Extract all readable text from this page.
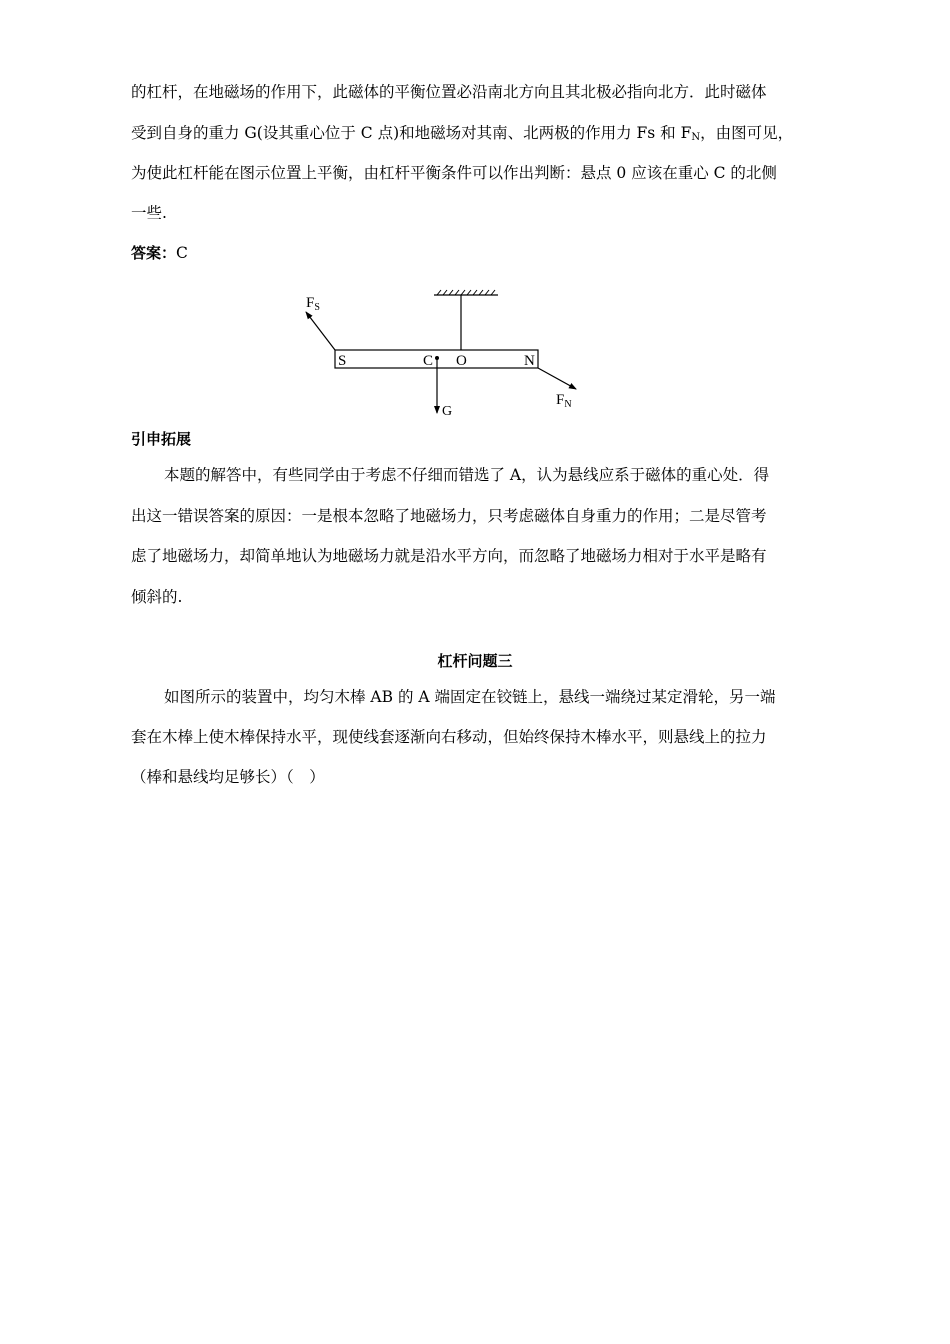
的杠杆，在地磁场的作用下，此磁体的平衡位置必沿南北方向且其北极必指向北方．此时磁体
受到自身的重力 G(设其重心位于 C 点)和地磁场对其南、北两极的作用力 Fs 和 $F_N$，由图可见，
为使此杠杆能在图示位置上平衡，由杠杆平衡条件可以作出判断：悬点 0 应该在重心 C 的北侧
一些.
答案：C
S	C O	N
$F_S$
$F_N$
G
引申拓展
本题的解答中，有些同学由于考虑不仔细而错选了 A，认为悬线应系于磁体的重心处．得
出这一错误答案的原因：一是根本忽略了地磁场力，只考虑磁体自身重力的作用；二是尽管考
虑了地磁场力，却简单地认为地磁场力就是沿水平方向，而忽略了地磁场力相对于水平是略有
倾斜的.
杠杆问题三
如图所示的装置中，均匀木棒 AB 的 A 端固定在铰链上，悬线一端绕过某定滑轮，另一端
套在木棒上使木棒保持水平，现使线套逐渐向右移动，但始终保持木棒水平，则悬线上的拉力
（棒和悬线均足够长）（　）
